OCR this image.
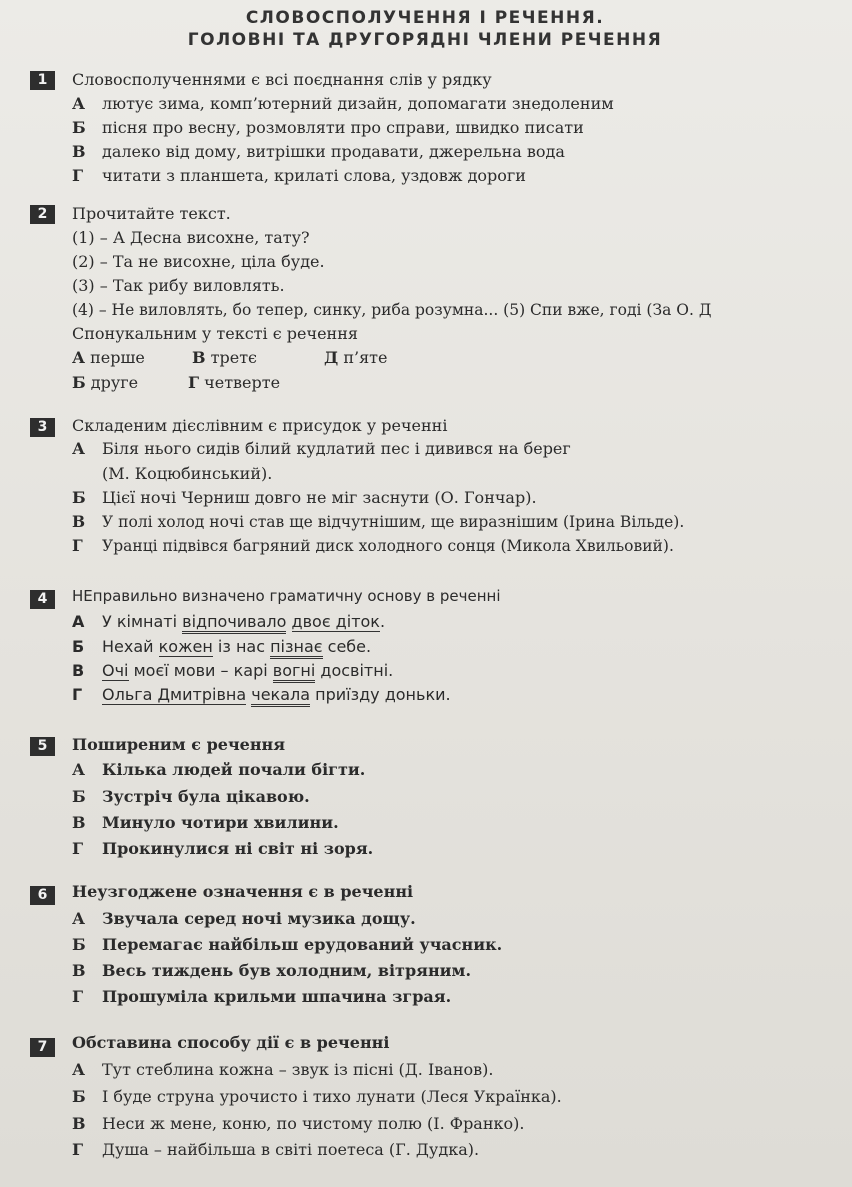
СЛОВОСПОЛУЧЕННЯ І РЕЧЕННЯ.
ГОЛОВНІ ТА ДРУГОРЯДНІ ЧЛЕНИ РЕЧЕННЯ
1	Словосполученнями є всі поєднання слів у рядку
А лютує зима, комп’ютерний дизайн, допомагати знедоленим
Б пісня про весну, розмовляти про справи, швидко писати
В далеко від дому, витрішки продавати, джерельна вода
Г читати з планшета, крилаті слова, уздовж дороги
2	Прочитайте текст.
(1) – А Десна висохне, тату?
(2) – Та не висохне, ціла буде.
(3) – Так рибу виловлять.
(4) – Не виловлять, бо тепер, синку, риба розумна... (5) Спи вже, годі (За О. Д
Спонукальним у тексті є речення
А перше	В третє	Д п’яте
Б друге	Г четверте
3	Складеним дієслівним є присудок у реченні
А Біля нього сидів білий кудлатий пес і дивився на берег
(М. Коцюбинський).
Б Цієї ночі Черниш довго не міг заснути (О. Гончар).
В У полі холод ночі став ще відчутнішим, ще виразнішим (Ірина Вільде).
Г Уранці підвівся багряний диск холодного сонця (Микола Хвильовий).
4	НЕправильно визначено граматичну основу в реченні
А У кімнаті відпочивало двоє діток.
Б Нехай кожен із нас пізнає себе.
В Очі моєї мови – карі вогні досвітні.
Г Ольга Дмитрівна чекала приїзду доньки.
5	Поширеним є речення
А Кілька людей почали бігти.
Б Зустріч була цікавою.
В Минуло чотири хвилини.
Г Прокинулися ні світ ні зоря.
6	Неузгоджене означення є в реченні
А Звучала серед ночі музика дощу.
Б Перемагає найбільш ерудований учасник.
В Весь тиждень був холодним, вітряним.
Г Прошуміла крильми шпачина зграя.
7	Обставина способу дії є в реченні
А Тут стеблина кожна – звук із пісні (Д. Іванов).
Б І буде струна урочисто і тихо лунати (Леся Українка).
В Неси ж мене, коню, по чистому полю (І. Франко).
Г Душа – найбільша в світі поетеса (Г. Дудка).
